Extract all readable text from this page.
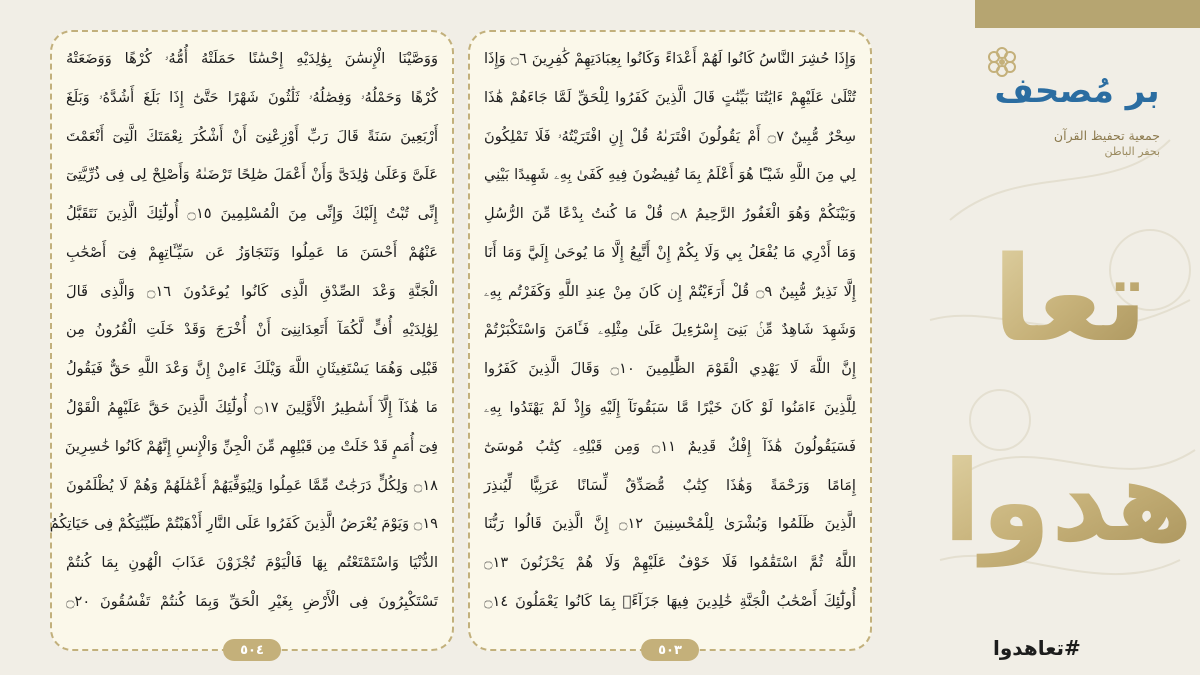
وَإِذَا حُشِرَ النَّاسُ كَانُوا لَهُمْ أَعْدَاءً وَكَانُوا بِعِبَادَتِهِمْ كَٰفِرِينَ ۝٦ وَإِذَا
تُتْلَىٰ عَلَيْهِمْ ءَايَٰتُنَا بَيِّنَٰتٍ قَالَ الَّذِينَ كَفَرُوا لِلْحَقِّ لَمَّا جَاءَهُمْ هَٰذَا
سِحْرٌ مُّبِينٌ ۝٧ أَمْ يَقُولُونَ افْتَرَىٰهُ قُلْ إِنِ افْتَرَيْتُهُۥ فَلَا تَمْلِكُونَ
لِي مِنَ اللَّهِ شَيْـًٔا هُوَ أَعْلَمُ بِمَا تُفِيضُونَ فِيهِ كَفَىٰ بِهِۦ شَهِيدًا بَيْنِي
وَبَيْنَكُمْ وَهُوَ الْغَفُورُ الرَّحِيمُ ۝٨ قُلْ مَا كُنتُ بِدْعًا مِّنَ الرُّسُلِ
وَمَا أَدْرِي مَا يُفْعَلُ بِي وَلَا بِكُمْ إِنْ أَتَّبِعُ إِلَّا مَا يُوحَىٰ إِلَيَّ وَمَا أَنَا
إِلَّا نَذِيرٌ مُّبِينٌ ۝٩ قُلْ أَرَءَيْتُمْ إِن كَانَ مِنْ عِندِ اللَّهِ وَكَفَرْتُم بِهِۦ
وَشَهِدَ شَاهِدٌ مِّنۢ بَنِىٓ إِسْرَٰٓءِيلَ عَلَىٰ مِثْلِهِۦ فَـَٔامَنَ وَاسْتَكْبَرْتُمْ
إِنَّ اللَّهَ لَا يَهْدِي الْقَوْمَ الظَّٰلِمِينَ ۝١٠ وَقَالَ الَّذِينَ كَفَرُوا
لِلَّذِينَ ءَامَنُوا لَوْ كَانَ خَيْرًا مَّا سَبَقُونَآ إِلَيْهِ وَإِذْ لَمْ يَهْتَدُوا بِهِۦ
فَسَيَقُولُونَ هَٰذَآ إِفْكٌ قَدِيمٌ ۝١١ وَمِن قَبْلِهِۦ كِتَٰبُ مُوسَىٰٓ
إِمَامًا وَرَحْمَةً وَهَٰذَا كِتَٰبٌ مُّصَدِّقٌ لِّسَانًا عَرَبِيًّا لِّيُنذِرَ
الَّذِينَ ظَلَمُوا وَبُشْرَىٰ لِلْمُحْسِنِينَ ۝١٢ إِنَّ الَّذِينَ قَالُوا رَبُّنَا
اللَّهُ ثُمَّ اسْتَقَٰمُوا فَلَا خَوْفٌ عَلَيْهِمْ وَلَا هُمْ يَحْزَنُونَ ۝١٣
أُولَٰٓئِكَ أَصْحَٰبُ الْجَنَّةِ خَٰلِدِينَ فِيهَا جَزَآءًۢ بِمَا كَانُوا يَعْمَلُونَ ۝١٤
٥٠٣
وَوَصَّيْنَا الْإِنسَٰنَ بِوَٰلِدَيْهِ إِحْسَٰنًا حَمَلَتْهُ أُمُّهُۥ كُرْهًا وَوَضَعَتْهُ
كُرْهًا وَحَمْلُهُۥ وَفِصَٰلُهُۥ ثَلَٰثُونَ شَهْرًا حَتَّىٰٓ إِذَا بَلَغَ أَشُدَّهُۥ وَبَلَغَ
أَرْبَعِينَ سَنَةً قَالَ رَبِّ أَوْزِعْنِىٓ أَنْ أَشْكُرَ نِعْمَتَكَ الَّتِىٓ أَنْعَمْتَ
عَلَىَّ وَعَلَىٰ وَٰلِدَىَّ وَأَنْ أَعْمَلَ صَٰلِحًا تَرْضَىٰهُ وَأَصْلِحْ لِى فِى ذُرِّيَّتِىٓ
إِنِّى تُبْتُ إِلَيْكَ وَإِنِّى مِنَ الْمُسْلِمِينَ ۝١٥ أُولَٰٓئِكَ الَّذِينَ نَتَقَبَّلُ
عَنْهُمْ أَحْسَنَ مَا عَمِلُوا وَنَتَجَاوَزُ عَن سَيِّـَٔاتِهِمْ فِىٓ أَصْحَٰبِ
الْجَنَّةِ وَعْدَ الصِّدْقِ الَّذِى كَانُوا يُوعَدُونَ ۝١٦ وَالَّذِى قَالَ
لِوَٰلِدَيْهِ أُفٍّ لَّكُمَآ أَتَعِدَانِنِىٓ أَنْ أُخْرَجَ وَقَدْ خَلَتِ الْقُرُونُ مِن
قَبْلِى وَهُمَا يَسْتَغِيثَانِ اللَّهَ وَيْلَكَ ءَامِنْ إِنَّ وَعْدَ اللَّهِ حَقٌّ فَيَقُولُ
مَا هَٰذَآ إِلَّآ أَسَٰطِيرُ الْأَوَّلِينَ ۝١٧ أُولَٰٓئِكَ الَّذِينَ حَقَّ عَلَيْهِمُ الْقَوْلُ
فِىٓ أُمَمٍ قَدْ خَلَتْ مِن قَبْلِهِم مِّنَ الْجِنِّ وَالْإِنسِ إِنَّهُمْ كَانُوا خَٰسِرِينَ
۝١٨ وَلِكُلٍّ دَرَجَٰتٌ مِّمَّا عَمِلُوا وَلِيُوَفِّيَهُمْ أَعْمَٰلَهُمْ وَهُمْ لَا يُظْلَمُونَ
۝١٩ وَيَوْمَ يُعْرَضُ الَّذِينَ كَفَرُوا عَلَى النَّارِ أَذْهَبْتُمْ طَيِّبَٰتِكُمْ فِى حَيَاتِكُمُ
الدُّنْيَا وَاسْتَمْتَعْتُم بِهَا فَالْيَوْمَ تُجْزَوْنَ عَذَابَ الْهُونِ بِمَا كُنتُمْ
تَسْتَكْبِرُونَ فِى الْأَرْضِ بِغَيْرِ الْحَقِّ وَبِمَا كُنتُمْ تَفْسُقُونَ ۝٢٠
٥٠٤
بر مُصحف
جمعية تحفيظ القرآن
بحفر الباطن
تعا
هدوا
#تعاهدوا
